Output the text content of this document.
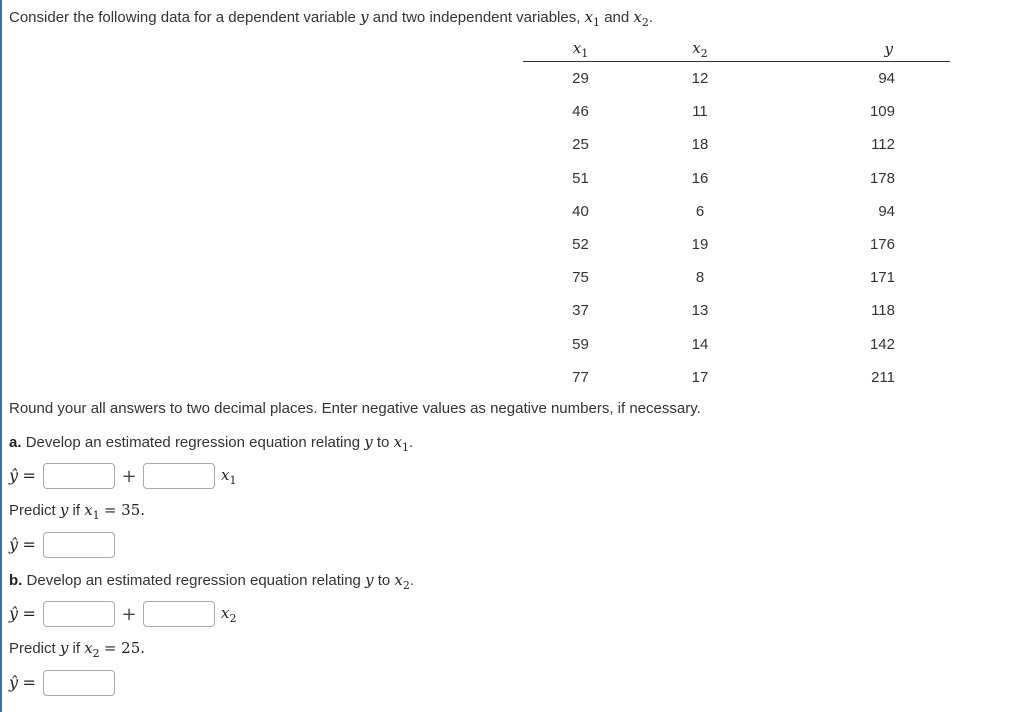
Consider the following data for a dependent variable y and two independent variables, $x_1$ and $x_2$.
$x_1$	$x_2$	y
29	12	94
46	11	109
25	18	112
51	16	178
40	6	94
52	19	176
75	8	171
37	13	118
59	14	142
77	17	211
Round your all answers to two decimal places. Enter negative values as negative numbers, if necessary.
a. Develop an estimated regression equation relating y to $x_1$.
ŷ =	+	$x_1$
Predict y if $x_1 = 35$.
ŷ =
b. Develop an estimated regression equation relating y to $x_2$.
ŷ =	+	$x_2$
Predict y if $x_2 = 25$.
ŷ =
